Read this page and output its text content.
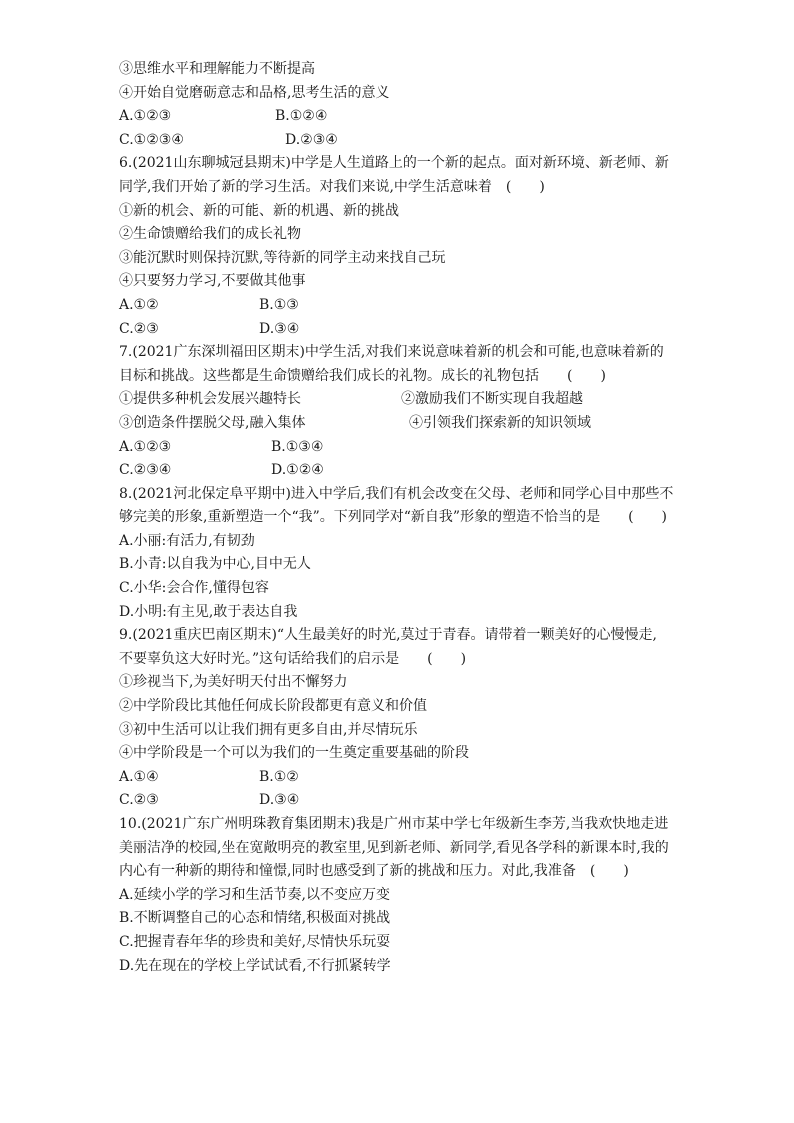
③思维水平和理解能力不断提高
④开始自觉磨砺意志和品格,思考生活的意义
A.①②③	B.①②④
C.①②③④	D.②③④
6.(2021山东聊城冠县期末)中学是人生道路上的一个新的起点。面对新环境、新老师、新
同学,我们开始了新的学习生活。对我们来说,中学生活意味着　(　　)
①新的机会、新的可能、新的机遇、新的挑战
②生命馈赠给我们的成长礼物
③能沉默时则保持沉默,等待新的同学主动来找自己玩
④只要努力学习,不要做其他事
A.①②	B.①③
C.②③	D.③④
7.(2021广东深圳福田区期末)中学生活,对我们来说意味着新的机会和可能,也意味着新的
目标和挑战。这些都是生命馈赠给我们成长的礼物。成长的礼物包括　　(　　)
①提供多种机会发展兴趣特长	②激励我们不断实现自我超越
③创造条件摆脱父母,融入集体	④引领我们探索新的知识领域
A.①②③	B.①③④
C.②③④	D.①②④
8.(2021河北保定阜平期中)进入中学后,我们有机会改变在父母、老师和同学心目中那些不
够完美的形象,重新塑造一个“我”。下列同学对“新自我”形象的塑造不恰当的是　　(　　)
A.小丽:有活力,有韧劲
B.小青:以自我为中心,目中无人
C.小华:会合作,懂得包容
D.小明:有主见,敢于表达自我
9.(2021重庆巴南区期末)“人生最美好的时光,莫过于青春。请带着一颗美好的心慢慢走,
不要辜负这大好时光。”这句话给我们的启示是　　(　　)
①珍视当下,为美好明天付出不懈努力
②中学阶段比其他任何成长阶段都更有意义和价值
③初中生活可以让我们拥有更多自由,并尽情玩乐
④中学阶段是一个可以为我们的一生奠定重要基础的阶段
A.①④	B.①②
C.②③	D.③④
10.(2021广东广州明珠教育集团期末)我是广州市某中学七年级新生李芳,当我欢快地走进
美丽洁净的校园,坐在宽敞明亮的教室里,见到新老师、新同学,看见各学科的新课本时,我的
内心有一种新的期待和憧憬,同时也感受到了新的挑战和压力。对此,我准备　(　　)
A.延续小学的学习和生活节奏,以不变应万变
B.不断调整自己的心态和情绪,积极面对挑战
C.把握青春年华的珍贵和美好,尽情快乐玩耍
D.先在现在的学校上学试试看,不行抓紧转学
